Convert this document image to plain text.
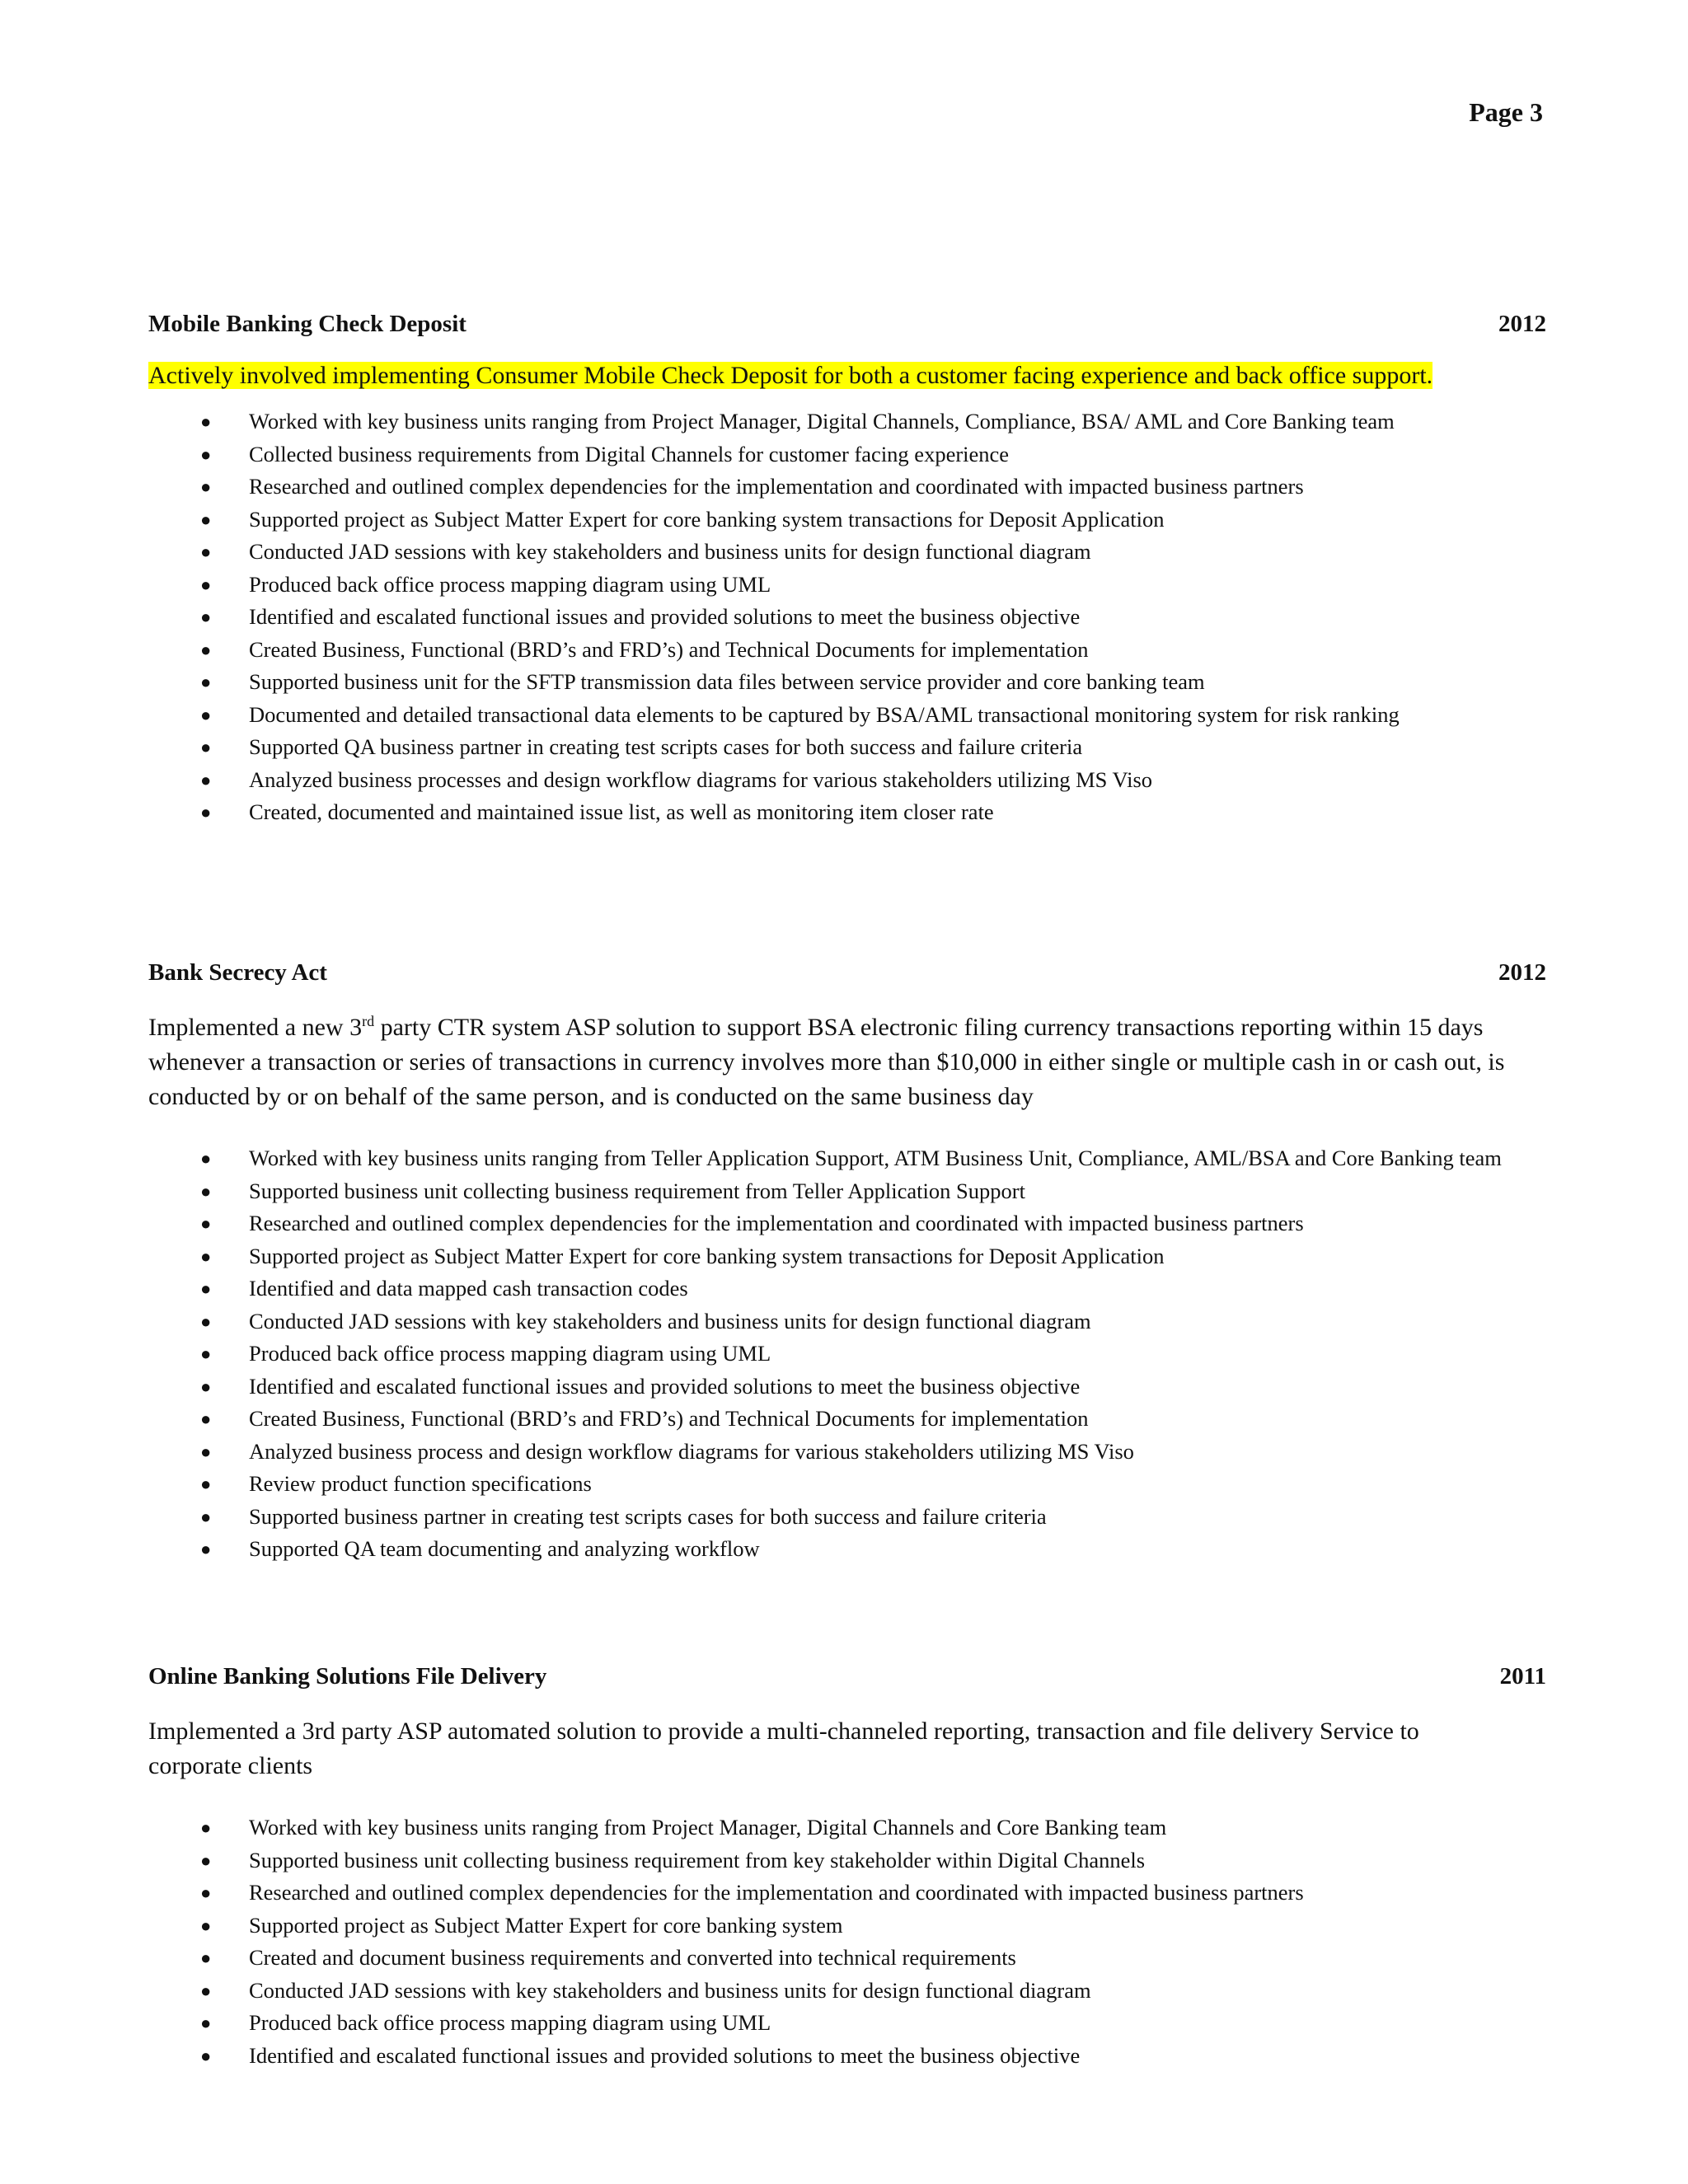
Page 3
Mobile Banking Check Deposit	2012
Actively involved implementing Consumer Mobile Check Deposit for both a customer facing experience and back office support.
● Worked with key business units ranging from Project Manager, Digital Channels, Compliance, BSA/ AML and Core Banking team
● Collected business requirements from Digital Channels for customer facing experience
● Researched and outlined complex dependencies for the implementation and coordinated with impacted business partners
● Supported project as Subject Matter Expert for core banking system transactions for Deposit Application
● Conducted JAD sessions with key stakeholders and business units for design functional diagram
● Produced back office process mapping diagram using UML
● Identified and escalated functional issues and provided solutions to meet the business objective
● Created Business, Functional (BRD’s and FRD’s) and Technical Documents for implementation
● Supported business unit for the SFTP transmission data files between service provider and core banking team
● Documented and detailed transactional data elements to be captured by BSA/AML transactional monitoring system for risk ranking
● Supported QA business partner in creating test scripts cases for both success and failure criteria
● Analyzed business processes and design workflow diagrams for various stakeholders utilizing MS Viso
● Created, documented and maintained issue list, as well as monitoring item closer rate
Bank Secrecy Act	2012
Implemented a new 3rd party CTR system ASP solution to support BSA electronic filing currency transactions reporting within 15 days whenever a transaction or series of transactions in currency involves more than $10,000 in either single or multiple cash in or cash out, is conducted by or on behalf of the same person, and is conducted on the same business day
● Worked with key business units ranging from Teller Application Support, ATM Business Unit, Compliance, AML/BSA and Core Banking team
● Supported business unit collecting business requirement from Teller Application Support
● Researched and outlined complex dependencies for the implementation and coordinated with impacted business partners
● Supported project as Subject Matter Expert for core banking system transactions for Deposit Application
● Identified and data mapped cash transaction codes
● Conducted JAD sessions with key stakeholders and business units for design functional diagram
● Produced back office process mapping diagram using UML
● Identified and escalated functional issues and provided solutions to meet the business objective
● Created Business, Functional (BRD’s and FRD’s) and Technical Documents for implementation
● Analyzed business process and design workflow diagrams for various stakeholders utilizing MS Viso
● Review product function specifications
● Supported business partner in creating test scripts cases for both success and failure criteria
● Supported QA team documenting and analyzing workflow
Online Banking Solutions File Delivery	2011
Implemented a 3rd party ASP automated solution to provide a multi-channeled reporting, transaction and file delivery Service to corporate clients
● Worked with key business units ranging from Project Manager, Digital Channels and Core Banking team
● Supported business unit collecting business requirement from key stakeholder within Digital Channels
● Researched and outlined complex dependencies for the implementation and coordinated with impacted business partners
● Supported project as Subject Matter Expert for core banking system
● Created and document business requirements and converted into technical requirements
● Conducted JAD sessions with key stakeholders and business units for design functional diagram
● Produced back office process mapping diagram using UML
● Identified and escalated functional issues and provided solutions to meet the business objective
